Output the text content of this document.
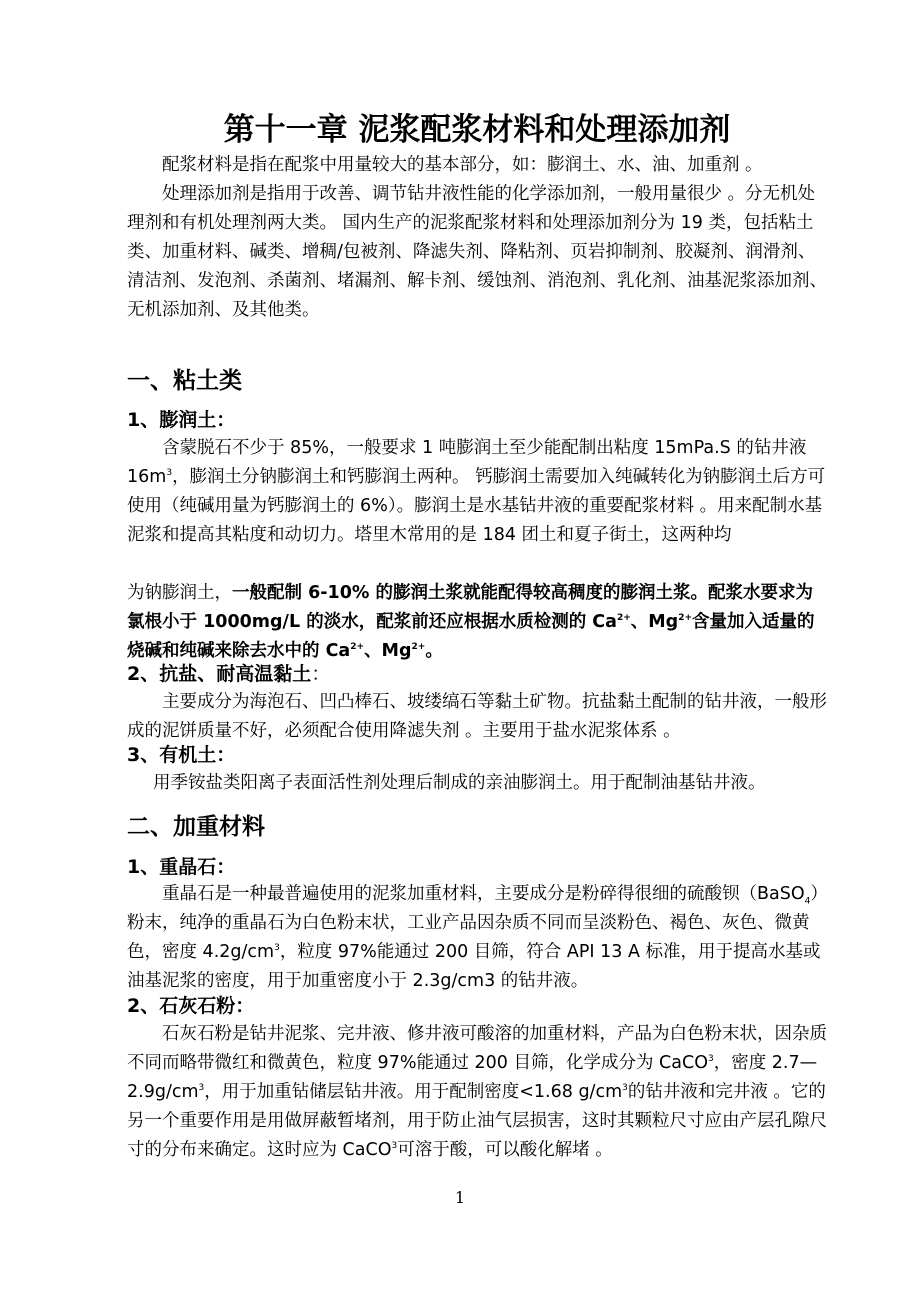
第十一章 泥浆配浆材料和处理添加剂

配浆材料是指在配浆中用量较大的基本部分，如：膨润土、水、油、加重剂 。

处理添加剂是指用于改善、调节钻井液性能的化学添加剂，一般用量很少 。分无机处理剂和有机处理剂两大类。 国内生产的泥浆配浆材料和处理添加剂分为 19 类，包括粘土类、加重材料、碱类、增稠/包被剂、降滤失剂、降粘剂、页岩抑制剂、胶凝剂、润滑剂、清洁剂、发泡剂、杀菌剂、堵漏剂、解卡剂、缓蚀剂、消泡剂、乳化剂、油基泥浆添加剂、无机添加剂、及其他类。

一、粘土类
1、膨润土：

含蒙脱石不少于 85%，一般要求 1 吨膨润土至少能配制出粘度 15mPa.S 的钻井液 $16m^3$，膨润土分钠膨润土和钙膨润土两种。 钙膨润土需要加入纯碱转化为钠膨润土后方可使用（纯碱用量为钙膨润土的 6%）。膨润土是水基钻井液的重要配浆材料 。用来配制水基泥浆和提高其粘度和动切力。塔里木常用的是 184 团土和夏子街土，这两种均

为钠膨润土，一般配制 6-10% 的膨润土浆就能配得较高稠度的膨润土浆。配浆水要求为氯根小于 1000mg/L 的淡水，配浆前还应根据水质检测的 $Ca^{2+}$、$Mg^{2+}$含量加入适量的烧碱和纯碱来除去水中的 $Ca^{2+}$、$Mg^{2+}$。

2、抗盐、耐高温黏土：

主要成分为海泡石、凹凸棒石、坡缕缟石等黏土矿物。抗盐黏土配制的钻井液，一般形成的泥饼质量不好，必须配合使用降滤失剂 。主要用于盐水泥浆体系 。

3、有机土：

用季铵盐类阳离子表面活性剂处理后制成的亲油膨润土。用于配制油基钻井液。

二、加重材料
1、重晶石：

重晶石是一种最普遍使用的泥浆加重材料，主要成分是粉碎得很细的硫酸钡（BaSO$_4$）粉末，纯净的重晶石为白色粉末状，工业产品因杂质不同而呈淡粉色、褐色、灰色、微黄色，密度 $4.2g/cm^3$，粒度 97%能通过 200 目筛，符合 API 13 A 标准，用于提高水基或油基泥浆的密度，用于加重密度小于 2.3g/cm3 的钻井液。

2、石灰石粉：

石灰石粉是钻井泥浆、完井液、修井液可酸溶的加重材料，产品为白色粉末状，因杂质不同而略带微红和微黄色，粒度 97%能通过 200 目筛，化学成分为 CaCO$^3$，密度 $2.7—2.9g/cm^3$，用于加重钻储层钻井液。用于配制密度<1.68 $g/cm^3$的钻井液和完井液 。它的另一个重要作用是用做屏蔽暂堵剂，用于防止油气层损害，这时其颗粒尺寸应由产层孔隙尺寸的分布来确定。这时应为 CaCO$^3$可溶于酸，可以酸化解堵 。

1
